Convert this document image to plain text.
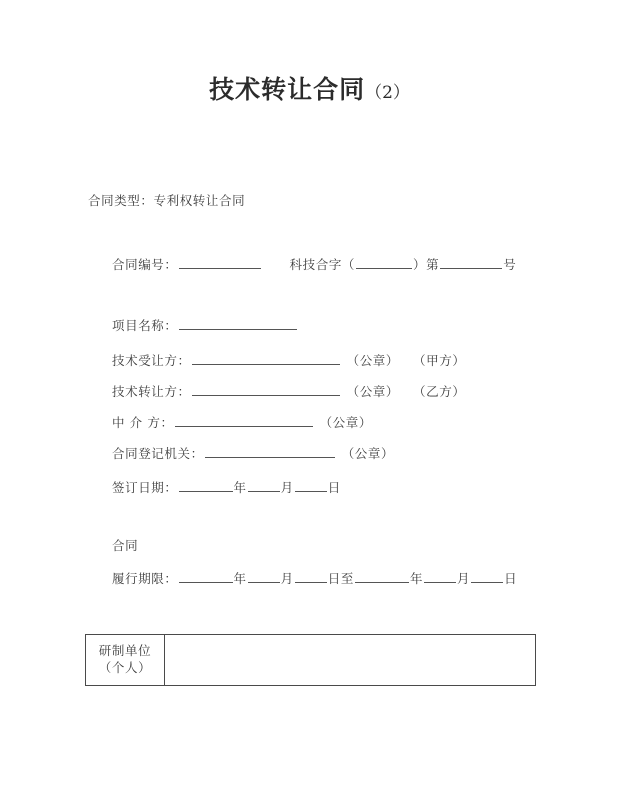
技术转让合同（2）
合同类型：专利权转让合同
合同编号：	科技合字（	）第	号
项目名称：
技术受让方：	（公章） （甲方）
技术转让方：	（公章） （乙方）
中 介 方：	（公章）
合同登记机关：	（公章）
签订日期：	年	月	日
合同
履行期限：	年	月	日至	年	月	日
研制单位
（个人）
